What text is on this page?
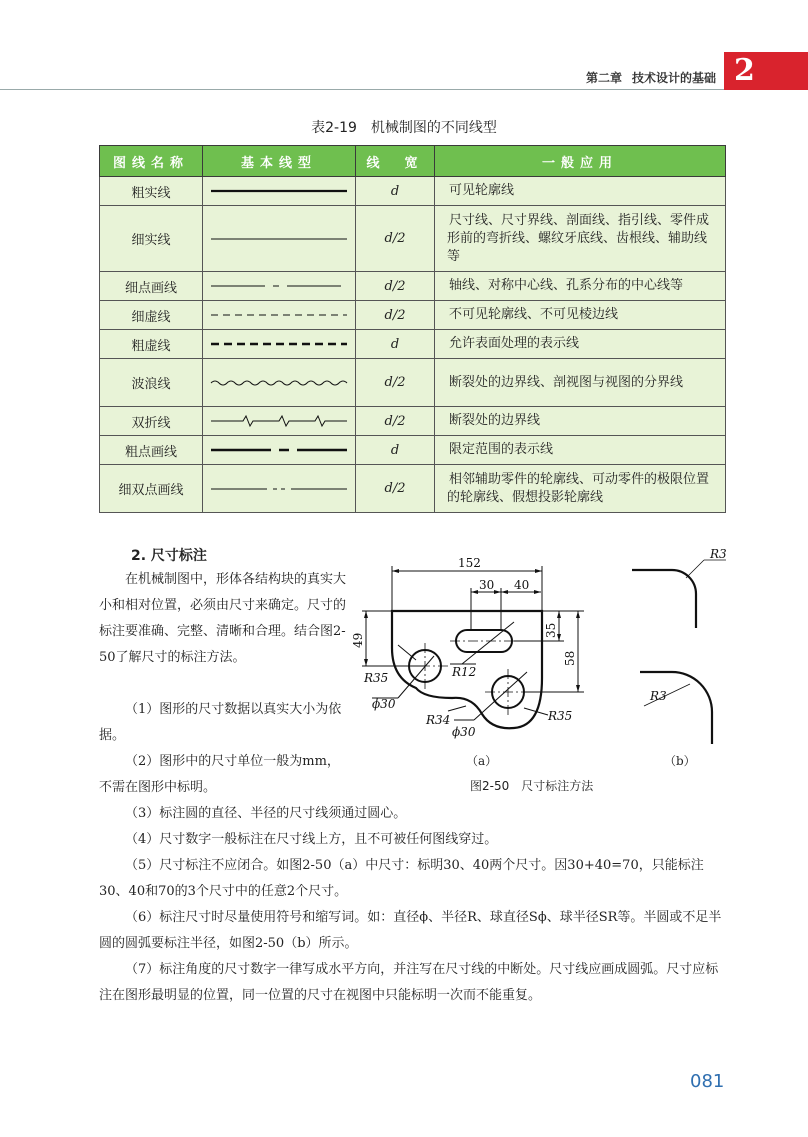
第二章 技术设计的基础 2
表2-19　机械制图的不同线型
图线名称	基本线型	线　宽	一般应用
粗实线		d	可见轮廓线
细实线		d/2	尺寸线、尺寸界线、剖面线、指引线、零件成形前的弯折线、螺纹牙底线、齿根线、辅助线等
细点画线		d/2	轴线、对称中心线、孔系分布的中心线等
细虚线		d/2	不可见轮廓线、不可见棱边线
粗虚线		d	允许表面处理的表示线
波浪线		d/2	断裂处的边界线、剖视图与视图的分界线
双折线		d/2	断裂处的边界线
粗点画线		d	限定范围的表示线
细双点画线		d/2	相邻辅助零件的轮廓线、可动零件的极限位置的轮廓线、假想投影轮廓线
2. 尺寸标注

在机械制图中，形体各结构块的真实大小和相对位置，必须由尺寸来确定。尺寸的标注要准确、完整、清晰和合理。结合图2-50了解尺寸的标注方法。

（1）图形的尺寸数据以真实大小为依据。

（2）图形中的尺寸单位一般为mm，不需在图形中标明。

（3）标注圆的直径、半径的尺寸线须通过圆心。

（4）尺寸数字一般标注在尺寸线上方，且不可被任何图线穿过。

（5）尺寸标注不应闭合。如图2-50（a）中尺寸：标明30、40两个尺寸。因30+40=70，只能标注30、40和70的3个尺寸中的任意2个尺寸。

（6）标注尺寸时尽量使用符号和缩写词。如：直径ϕ、半径R、球直径Sϕ、球半径SR等。半圆或不足半圆的圆弧要标注半径，如图2-50（b）所示。

（7）标注角度的尺寸数字一律写成水平方向，并注写在尺寸线的中断处。尺寸线应画成圆弧。尺寸应标注在图形最明显的位置，同一位置的尺寸在视图中只能标明一次而不能重复。

152
30 40
49
35
58
R12
R35
ϕ30
R34
ϕ30
R35
R3
R3
（a）	（b）
图2-50　尺寸标注方法
081
